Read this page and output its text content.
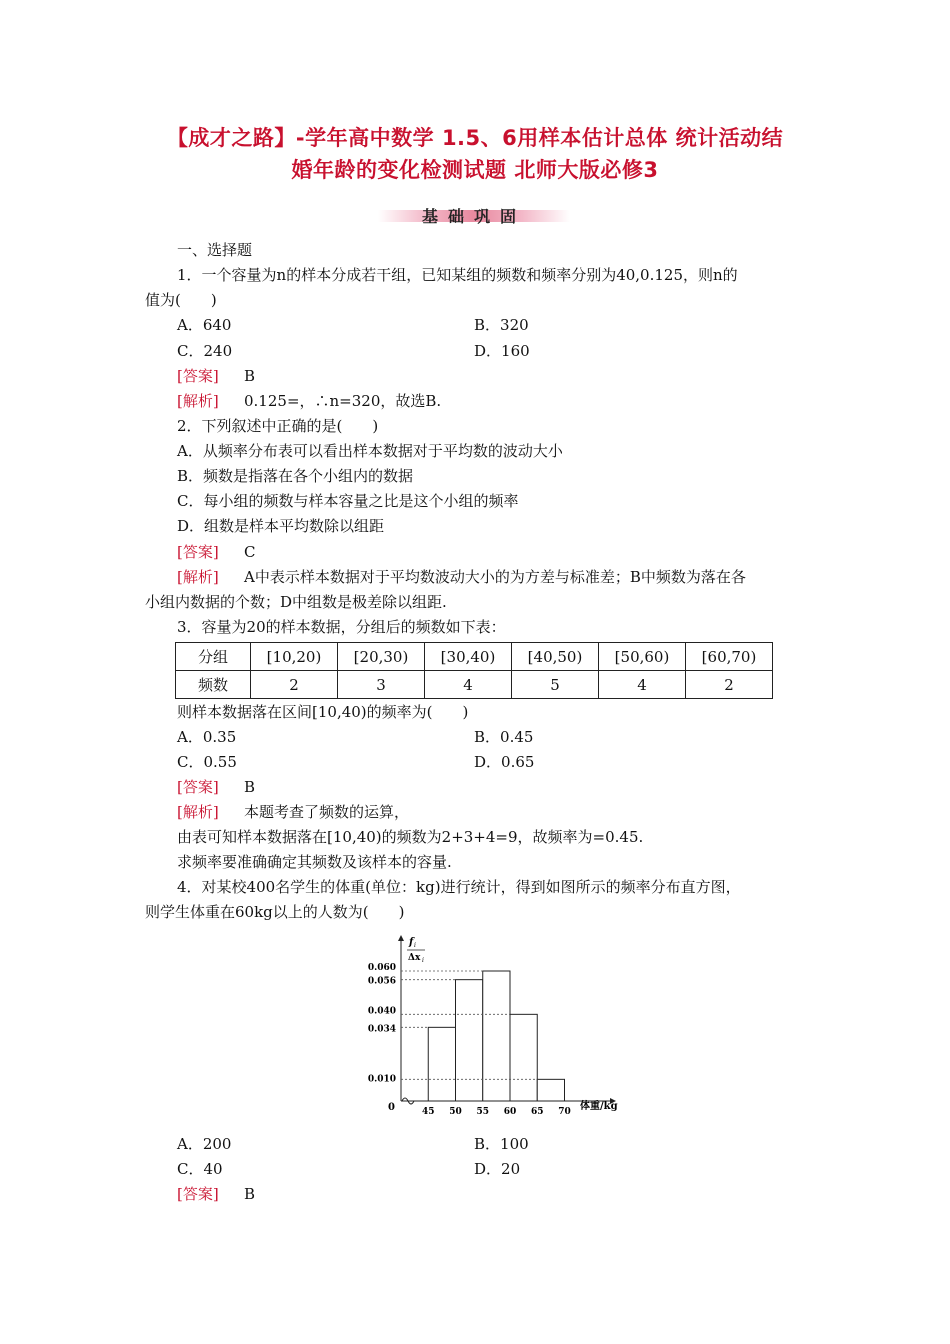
【成才之路】-学年高中数学 1.5、6用样本估计总体 统计活动结
婚年龄的变化检测试题 北师大版必修3
基础巩固
一、选择题
1．一个容量为n的样本分成若干组，已知某组的频数和频率分别为40,0.125，则n的
值为(　　)
A．640	B．320
C．240	D．160
[答案] B
[解析] 0.125=，∴n=320，故选B.
2．下列叙述中正确的是(　　)
A．从频率分布表可以看出样本数据对于平均数的波动大小
B．频数是指落在各个小组内的数据
C．每小组的频数与样本容量之比是这个小组的频率
D．组数是样本平均数除以组距
[答案] C
[解析] A中表示样本数据对于平均数波动大小的为方差与标准差；B中频数为落在各
小组内数据的个数；D中组数是极差除以组距.
3．容量为20的样本数据，分组后的频数如下表：
分组	[10,20)	[20,30)	[30,40)	[40,50)	[50,60)	[60,70)
频数	2	3	4	5	4	2
则样本数据落在区间[10,40)的频率为(　　)
A．0.35	B．0.45
C．0.55	D．0.65
[答案] B
[解析] 本题考查了频数的运算，
由表可知样本数据落在[10,40)的频数为2+3+4=9，故频率为=0.45.
求频率要准确确定其频数及该样本的容量.
4．对某校400名学生的体重(单位：kg)进行统计，得到如图所示的频率分布直方图，
则学生体重在60kg以上的人数为(　　)
0.060
0.056
0.040
0.034
0.010
45 50 55 60 65 70
0
f i
Δx i
体重/kg
A．200	B．100
C．40	D．20
[答案] B
